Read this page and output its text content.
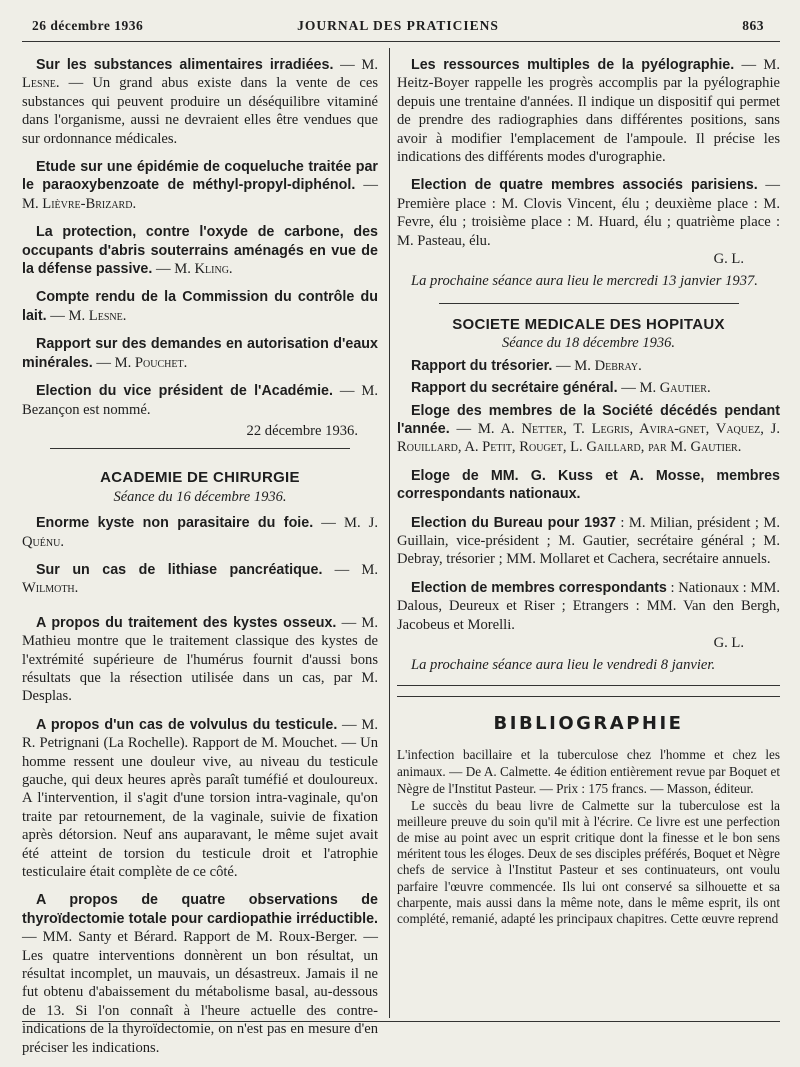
26 décembre 1936	JOURNAL DES PRATICIENS	863

Sur les substances alimentaires irradiées. — M. Lesne. — Un grand abus existe dans la vente de ces substances qui peuvent produire un déséquilibre vitaminé dans l'organisme, aussi ne devraient elles être vendues que sur ordonnance médicales.

Etude sur une épidémie de coqueluche traitée par le paraoxybenzoate de méthyl-propyl-diphénol. — M. Lièvre-Brizard.

La protection, contre l'oxyde de carbone, des occupants d'abris souterrains aménagés en vue de la défense passive. — M. Kling.

Compte rendu de la Commission du contrôle du lait. — M. Lesne.

Rapport sur des demandes en autorisation d'eaux minérales. — M. Pouchet.

Election du vice président de l'Académie. — M. Bezançon est nommé.

22 décembre 1936.

ACADEMIE DE CHIRURGIE

Séance du 16 décembre 1936.

Enorme kyste non parasitaire du foie. — M. J. Quénu.

Sur un cas de lithiase pancréatique. — M. Wilmoth.

A propos du traitement des kystes osseux. — M. Mathieu montre que le traitement classique des kystes de l'extrémité supérieure de l'humérus fournit d'aussi bons résultats que la résection utilisée dans un cas, par M. Desplas.

A propos d'un cas de volvulus du testicule. — M. R. Petrignani (La Rochelle). Rapport de M. Mouchet. — Un homme ressent une douleur vive, au niveau du testicule gauche, qui deux heures après paraît tuméfié et douloureux. A l'intervention, il s'agit d'une torsion intra-vaginale, qu'on traite par retournement, de la vaginale, suivie de fixation après détorsion. Neuf ans auparavant, le même sujet avait été atteint de torsion du testicule droit et l'atrophie testiculaire était complète de ce côté.

A propos de quatre observations de thyroïdectomie totale pour cardiopathie irréductible. — MM. Santy et Bérard. Rapport de M. Roux-Berger. — Les quatre interventions donnèrent un bon résultat, un résultat incomplet, un mauvais, un désastreux. Jamais il ne fut obtenu d'abaissement du métabolisme basal, au-dessous de 13. Si l'on connaît à l'heure actuelle des contre-indications de la thyroïdectomie, on n'est pas en mesure d'en préciser les indications.

Les ressources multiples de la pyélographie. — M. Heitz-Boyer rappelle les progrès accomplis par la pyélographie depuis une trentaine d'années. Il indique un dispositif qui permet de prendre des radiographies dans différentes positions, sans avoir à modifier l'emplacement de l'ampoule. Il précise les indications des différents modes d'urographie.

Election de quatre membres associés parisiens. — Première place : M. Clovis Vincent, élu ; deuxième place : M. Fevre, élu ; troisième place : M. Huard, élu ; quatrième place : M. Pasteau, élu.

G. L.

La prochaine séance aura lieu le mercredi 13 janvier 1937.

SOCIETE MEDICALE DES HOPITAUX

Séance du 18 décembre 1936.

Rapport du trésorier. — M. Debray.

Rapport du secrétaire général. — M. Gautier.

Eloge des membres de la Société décédés pendant l'année. — M. A. Netter, T. Legris, Avira-gnet, Vaquez, J. Rouillard, A. Petit, Rouget, L. Gaillard, par M. Gautier.

Eloge de MM. G. Kuss et A. Mosse, membres correspondants nationaux.

Election du Bureau pour 1937 : M. Milian, président ; M. Guillain, vice-président ; M. Gautier, secrétaire général ; M. Debray, trésorier ; MM. Mollaret et Cachera, secrétaire annuels.

Election de membres correspondants : Nationaux : MM. Dalous, Deureux et Riser ; Etrangers : MM. Van den Bergh, Jacobeus et Morelli.

G. L.

La prochaine séance aura lieu le vendredi 8 janvier.

BIBLIOGRAPHIE

L'infection bacillaire et la tuberculose chez l'homme et chez les animaux. — De A. Calmette. 4e édition entièrement revue par Boquet et Nègre de l'Institut Pasteur. — Prix : 175 francs. — Masson, éditeur.

Le succès du beau livre de Calmette sur la tuberculose est la meilleure preuve du soin qu'il mit à l'écrire. Ce livre est une perfection de mise au point avec un esprit critique dont la finesse et le bon sens méritent tous les éloges. Deux de ses disciples préférés, Boquet et Nègre chefs de service à l'Institut Pasteur et ses continuateurs, ont voulu parfaire l'œuvre commencée. Ils lui ont conservé sa silhouette et sa charpente, mais aussi dans la même note, dans le même esprit, ils ont complété, remanié, adapté les principaux chapitres. Cette œuvre reprend
